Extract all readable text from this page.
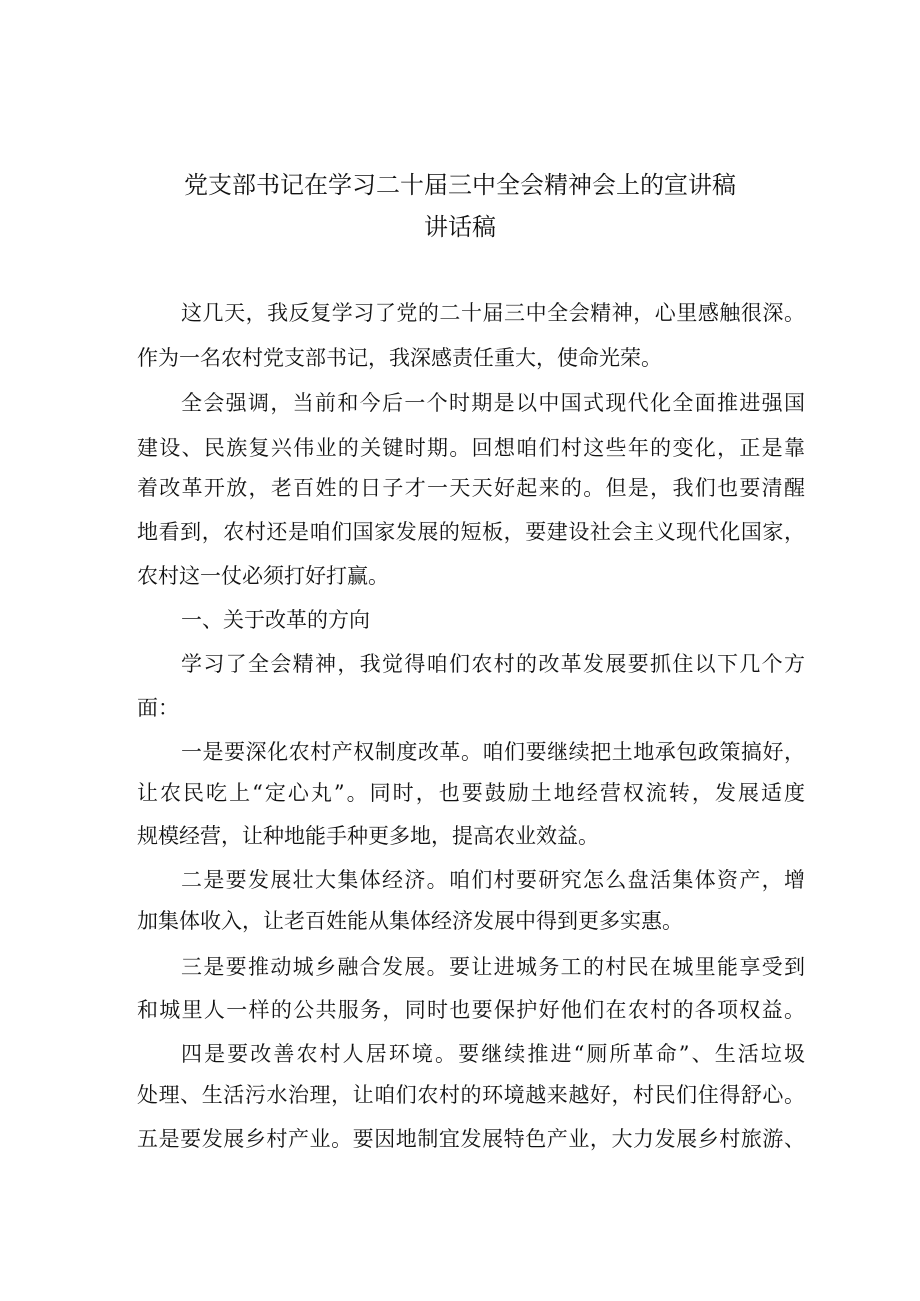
党支部书记在学习二十届三中全会精神会上的宣讲稿
讲话稿
这几天，我反复学习了党的二十届三中全会精神，心里感触很深。
作为一名农村党支部书记，我深感责任重大，使命光荣。
全会强调，当前和今后一个时期是以中国式现代化全面推进强国
建设、民族复兴伟业的关键时期。回想咱们村这些年的变化，正是靠
着改革开放，老百姓的日子才一天天好起来的。但是，我们也要清醒
地看到，农村还是咱们国家发展的短板，要建设社会主义现代化国家，
农村这一仗必须打好打赢。
一、关于改革的方向
学习了全会精神，我觉得咱们农村的改革发展要抓住以下几个方
面：
一是要深化农村产权制度改革。咱们要继续把土地承包政策搞好，
让农民吃上“定心丸”。同时，也要鼓励土地经营权流转，发展适度
规模经营，让种地能手种更多地，提高农业效益。
二是要发展壮大集体经济。咱们村要研究怎么盘活集体资产，增
加集体收入，让老百姓能从集体经济发展中得到更多实惠。
三是要推动城乡融合发展。要让进城务工的村民在城里能享受到
和城里人一样的公共服务，同时也要保护好他们在农村的各项权益。
四是要改善农村人居环境。要继续推进“厕所革命”、生活垃圾
处理、生活污水治理，让咱们农村的环境越来越好，村民们住得舒心。
五是要发展乡村产业。要因地制宜发展特色产业，大力发展乡村旅游、
